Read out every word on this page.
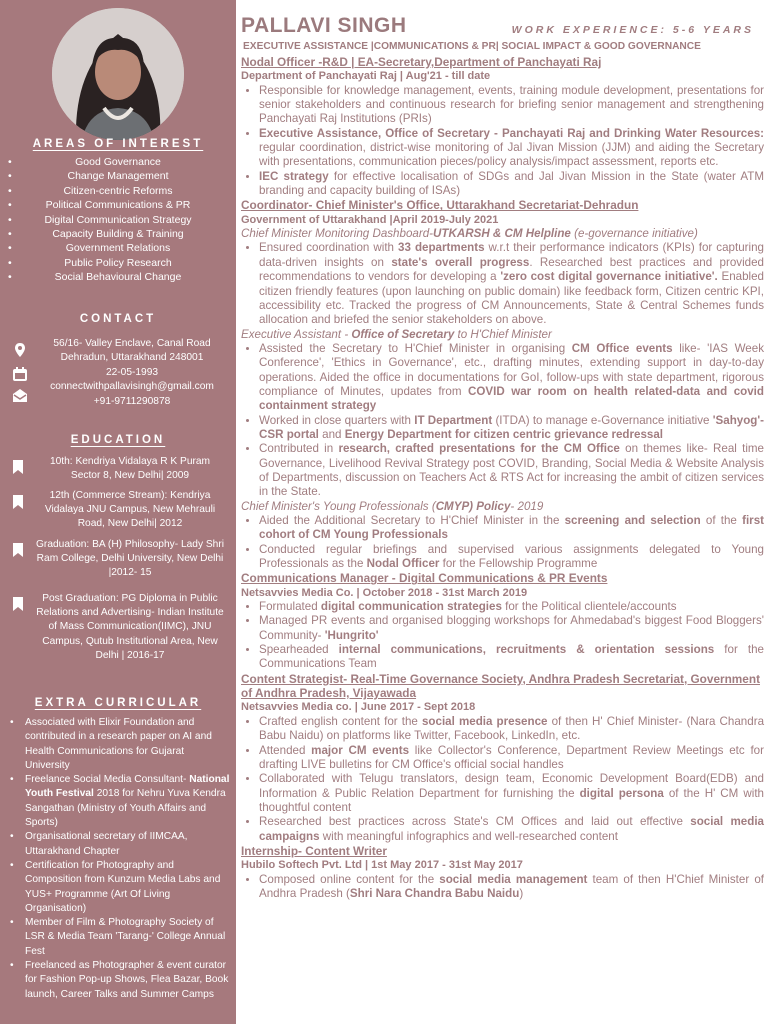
AREAS OF INTEREST
• Good Governance
• Change Management
• Citizen-centric Reforms
• Political Communications & PR
• Digital Communication Strategy
• Capacity Building & Training
• Government Relations
• Public Policy Research
• Social Behavioural Change
CONTACT
56/16- Valley Enclave, Canal Road
Dehradun, Uttarakhand 248001
22-05-1993
connectwithpallavisingh@gmail.com
+91-9711290878
EDUCATION
10th: Kendriya Vidalaya R K Puram Sector 8, New Delhi| 2009
12th (Commerce Stream): Kendriya Vidalaya JNU Campus, New Mehrauli Road, New Delhi| 2012
Graduation: BA (H) Philosophy- Lady Shri Ram College, Delhi University, New Delhi |2012- 15
Post Graduation: PG Diploma in Public Relations and Advertising- Indian Institute of Mass Communication(IIMC), JNU Campus, Qutub Institutional Area, New Delhi | 2016-17
EXTRA CURRICULAR
• Associated with Elixir Foundation and contributed in a research paper on AI and Health Communications for Gujarat University
• Freelance Social Media Consultant- National Youth Festival 2018 for Nehru Yuva Kendra Sangathan (Ministry of Youth Affairs and Sports)
• Organisational secretary of IIMCAA, Uttarakhand Chapter
• Certification for Photography and Composition from Kunzum Media Labs and YUS+ Programme (Art Of Living Organisation)
• Member of Film & Photography Society of LSR & Media Team 'Tarang-' College Annual Fest
• Freelanced as Photographer & event curator for Fashion Pop-up Shows, Flea Bazar, Book launch, Career Talks and Summer Camps
PALLAVI SINGH	WORK EXPERIENCE: 5-6 YEARS
EXECUTIVE ASSISTANCE |COMMUNICATIONS & PR| SOCIAL IMPACT & GOOD GOVERNANCE
Nodal Officer -R&D | EA-Secretary,Department of Panchayati Raj
Department of Panchayati Raj | Aug'21 - till date
• Responsible for knowledge management, events, training module development, presentations for senior stakeholders and continuous research for briefing senior management and strengthening Panchayati Raj Institutions (PRIs)
• Executive Assistance, Office of Secretary - Panchayati Raj and Drinking Water Resources: regular coordination, district-wise monitoring of Jal Jivan Mission (JJM) and aiding the Secretary with presentations, communication pieces/policy analysis/impact assessment, reports etc.
• IEC strategy for effective localisation of SDGs and Jal Jivan Mission in the State (water ATM branding and capacity building of ISAs)
Coordinator- Chief Minister's Office, Uttarakhand Secretariat-Dehradun
Government of Uttarakhand |April 2019-July 2021
Chief Minister Monitoring Dashboard-UTKARSH & CM Helpline (e-governance initiative)
• Ensured coordination with 33 departments w.r.t their performance indicators (KPIs) for capturing data-driven insights on state's overall progress. Researched best practices and provided recommendations to vendors for developing a 'zero cost digital governance initiative'. Enabled citizen friendly features (upon launching on public domain) like feedback form, Citizen centric KPI, accessibility etc. Tracked the progress of CM Announcements, State & Central Schemes funds allocation and briefed the senior stakeholders on above.
Executive Assistant - Office of Secretary to H'Chief Minister
• Assisted the Secretary to H'Chief Minister in organising CM Office events like- 'IAS Week Conference', 'Ethics in Governance', etc., drafting minutes, extending support in day-to-day operations. Aided the office in documentations for GoI, follow-ups with state department, rigorous compliance of Minutes, updates from COVID war room on health related-data and covid containment strategy
• Worked in close quarters with IT Department (ITDA) to manage e-Governance initiative 'Sahyog'- CSR portal and Energy Department for citizen centric grievance redressal
• Contributed in research, crafted presentations for the CM Office on themes like- Real time Governance, Livelihood Revival Strategy post COVID, Branding, Social Media & Website Analysis of Departments, discussion on Teachers Act & RTS Act for increasing the ambit of citizen services in the State.
Chief Minister's Young Professionals (CMYP) Policy- 2019
• Aided the Additional Secretary to H'Chief Minister in the screening and selection of the first cohort of CM Young Professionals
• Conducted regular briefings and supervised various assignments delegated to Young Professionals as the Nodal Officer for the Fellowship Programme
Communications Manager - Digital Communications & PR Events
Netsavvies Media Co. | October 2018 - 31st March 2019
• Formulated digital communication strategies for the Political clientele/accounts
• Managed PR events and organised blogging workshops for Ahmedabad's biggest Food Bloggers' Community- 'Hungrito'
• Spearheaded internal communications, recruitments & orientation sessions for the Communications Team
Content Strategist- Real-Time Governance Society, Andhra Pradesh Secretariat, Government of Andhra Pradesh, Vijayawada
Netsavvies Media co. | June 2017 - Sept 2018
• Crafted english content for the social media presence of then H' Chief Minister- (Nara Chandra Babu Naidu) on platforms like Twitter, Facebook, LinkedIn, etc.
• Attended major CM events like Collector's Conference, Department Review Meetings etc for drafting LIVE bulletins for CM Office's official social handles
• Collaborated with Telugu translators, design team, Economic Development Board(EDB) and Information & Public Relation Department for furnishing the digital persona of the H' CM with thoughtful content
• Researched best practices across State's CM Offices and laid out effective social media campaigns with meaningful infographics and well-researched content
Internship- Content Writer
Hubilo Softech Pvt. Ltd | 1st May 2017 - 31st May 2017
• Composed online content for the social media management team of then H'Chief Minister of Andhra Pradesh (Shri Nara Chandra Babu Naidu)
